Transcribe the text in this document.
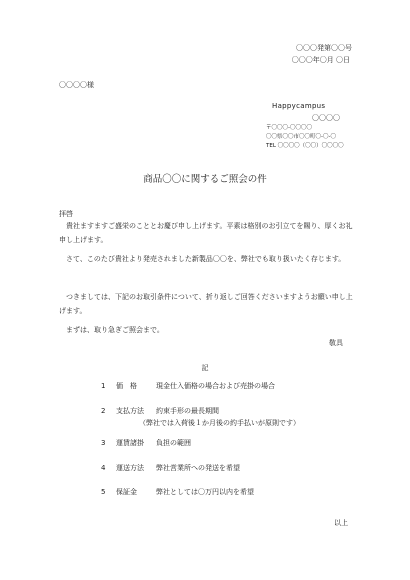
〇〇〇発第〇〇号
〇〇〇年〇月 〇日
〇〇〇〇様
Happycampus
〇〇〇〇
〒〇〇〇-〇〇〇〇
〇〇県〇〇市〇〇町〇-〇-〇
TEL 〇〇〇〇（〇〇）〇〇〇〇
商品〇〇に関するご照会の件
拝啓
　貴社ますますご盛栄のこととお慶び申し上げます。平素は格別のお引立てを賜り、厚くお礼申し上げます。
　さて、このたび貴社より発売されました新製品〇〇を、弊社でも取り扱いたく存じます。
　つきましては、下記のお取引条件について、折り返しご回答くださいますようお願い申し上げます。
　まずは、取り急ぎご照会まで。
敬具
記
1 価　格	現金仕入価格の場合および売掛の場合
2 支払方法 約束手形の最長期間
（弊社では入荷後１か月後の約手払いが原則です）
3 運賃諸掛 負担の範囲
4 運送方法 弊社営業所への発送を希望
5 保証金	弊社としては〇万円以内を希望
以上
